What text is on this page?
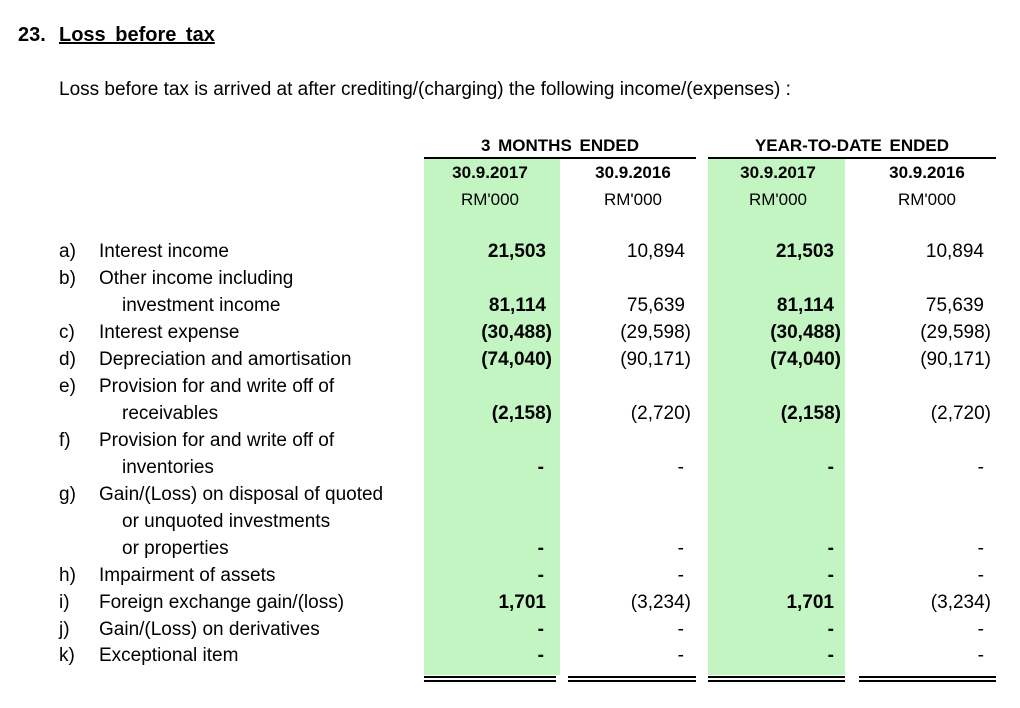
23. Loss before tax
Loss before tax is arrived at after crediting/(charging) the following income/(expenses) :
3 MONTHS ENDED	YEAR-TO-DATE ENDED
30.9.2017	30.9.2016	30.9.2017	30.9.2016
RM'000	RM'000	RM'000	RM'000
a) Interest income	21,503	10,894	21,503	10,894
b) Other income including
investment income	81,114	75,639	81,114	75,639
c) Interest expense	(30,488)	(29,598)	(30,488)	(29,598)
d) Depreciation and amortisation	(74,040)	(90,171)	(74,040)	(90,171)
e) Provision for and write off of
receivables	(2,158)	(2,720)	(2,158)	(2,720)
f) Provision for and write off of
inventories	-	-	-	-
g) Gain/(Loss) on disposal of quoted
or unquoted investments
or properties	-	-	-	-
h) Impairment of assets	-	-	-	-
i) Foreign exchange gain/(loss)	1,701	(3,234)	1,701	(3,234)
j) Gain/(Loss) on derivatives	-	-	-	-
k) Exceptional item	-	-	-	-
